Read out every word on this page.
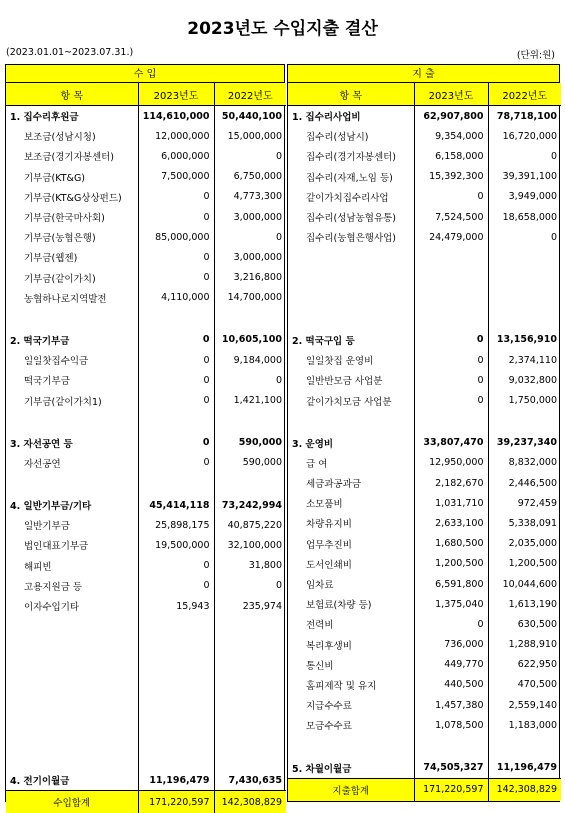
2023년도 수입지출 결산
(2023.01.01~2023.07.31.)	(단위:원)
수 입
항 목	2023년도	2022년도
1. 집수리후원금	114,610,000	50,440,100
보조금(성남시청)	12,000,000	15,000,000
보조금(경기자봉센터)	6,000,000	0
기부금(KT&G)	7,500,000	6,750,000
기부금(KT&G상상펀드)	0	4,773,300
기부금(한국마사회)	0	3,000,000
기부금(농협은행)	85,000,000	0
기부금(웹젠)	0	3,000,000
기부금(같이가치)	0	3,216,800
농협하나로지역발전	4,110,000	14,700,000

2. 떡국기부금	0	10,605,100
일일찻집수익금	0	9,184,000
떡국기부금	0	0
기부금(같이가치1)	0	1,421,100

3. 자선공연 등	0	590,000
자선공연	0	590,000

4. 일반기부금/기타	45,414,118	73,242,994
일반기부금	25,898,175	40,875,220
법인대표기부금	19,500,000	32,100,000
해피빈	0	31,800
고용지원금 등	0	0
이자수입기타	15,943	235,974

4. 전기이월금	11,196,479	7,430,635
수입합계	171,220,597	142,308,829
지 출
항 목	2023년도	2022년도
1. 집수리사업비	62,907,800	78,718,100
집수리(성남시)	9,354,000	16,720,000
집수리(경기자봉센터)	6,158,000	0
집수리(자재,노임 등)	15,392,300	39,391,100
같이가치집수리사업	0	3,949,000
집수리(성남농협유통)	7,524,500	18,658,000
집수리(농협은행사업)	24,479,000	0

2. 떡국구입 등	0	13,156,910
일일찻집 운영비	0	2,374,110
일반반모금 사업분	0	9,032,800
같이가치모금 사업분	0	1,750,000

3. 운영비	33,807,470	39,237,340
급 여	12,950,000	8,832,000
세금과공과금	2,182,670	2,446,500
소모품비	1,031,710	972,459
차량유지비	2,633,100	5,338,091
업무추진비	1,680,500	2,035,000
도서인쇄비	1,200,500	1,200,500
임차료	6,591,800	10,044,600
보험료(차량 등)	1,375,040	1,613,190
전력비	0	630,500
복리후생비	736,000	1,288,910
통신비	449,770	622,950
홈피제작 및 유지	440,500	470,500
지급수수료	1,457,380	2,559,140
모금수수료	1,078,500	1,183,000

5. 차월이월금	74,505,327	11,196,479
지출합계	171,220,597	142,308,829
